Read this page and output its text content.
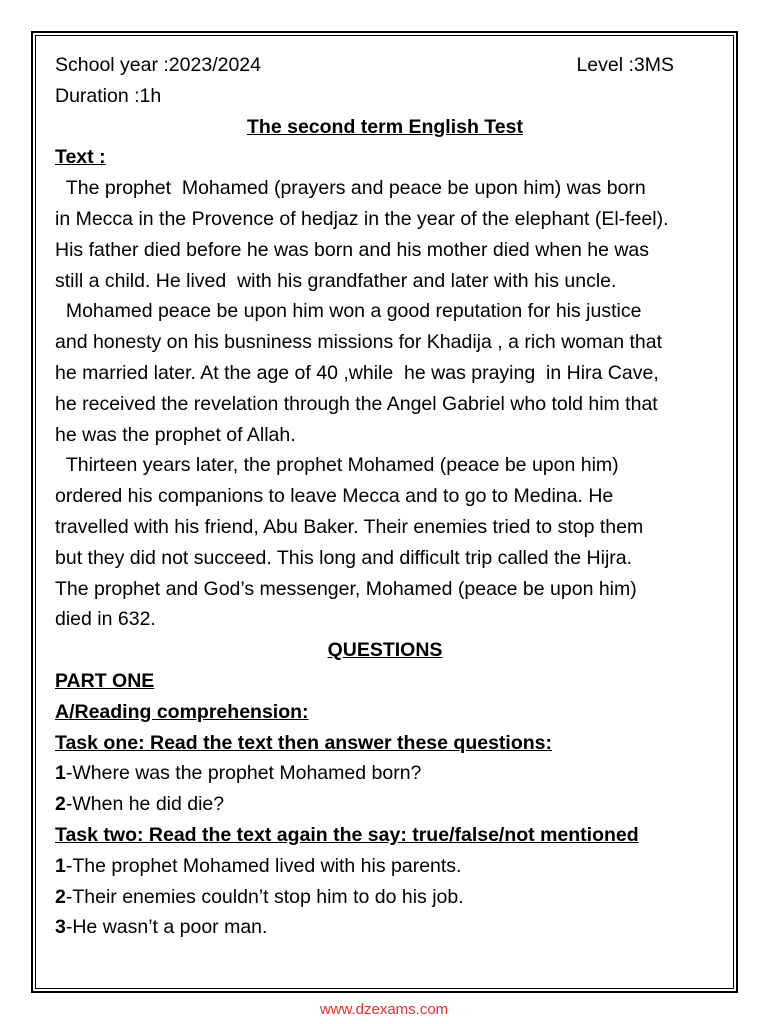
School year :2023/2024	Level :3MS
Duration :1h
The second term English Test
Text :
The prophet  Mohamed (prayers and peace be upon him) was born
in Mecca in the Provence of hedjaz in the year of the elephant (El-feel).
His father died before he was born and his mother died when he was
still a child. He lived  with his grandfather and later with his uncle.
Mohamed peace be upon him won a good reputation for his justice
and honesty on his busniness missions for Khadija , a rich woman that
he married later. At the age of 40 ,while  he was praying  in Hira Cave,
he received the revelation through the Angel Gabriel who told him that
he was the prophet of Allah.
Thirteen years later, the prophet Mohamed (peace be upon him)
ordered his companions to leave Mecca and to go to Medina. He
travelled with his friend, Abu Baker. Their enemies tried to stop them
but they did not succeed. This long and difficult trip called the Hijra.
The prophet and God’s messenger, Mohamed (peace be upon him)
died in 632.
QUESTIONS
PART ONE
A/Reading comprehension:
Task one: Read the text then answer these questions:
1-Where was the prophet Mohamed born?
2-When he did die?
Task two: Read the text again the say: true/false/not mentioned
1-The prophet Mohamed lived with his parents.
2-Their enemies couldn’t stop him to do his job.
3-He wasn’t a poor man.
www.dzexams.com
